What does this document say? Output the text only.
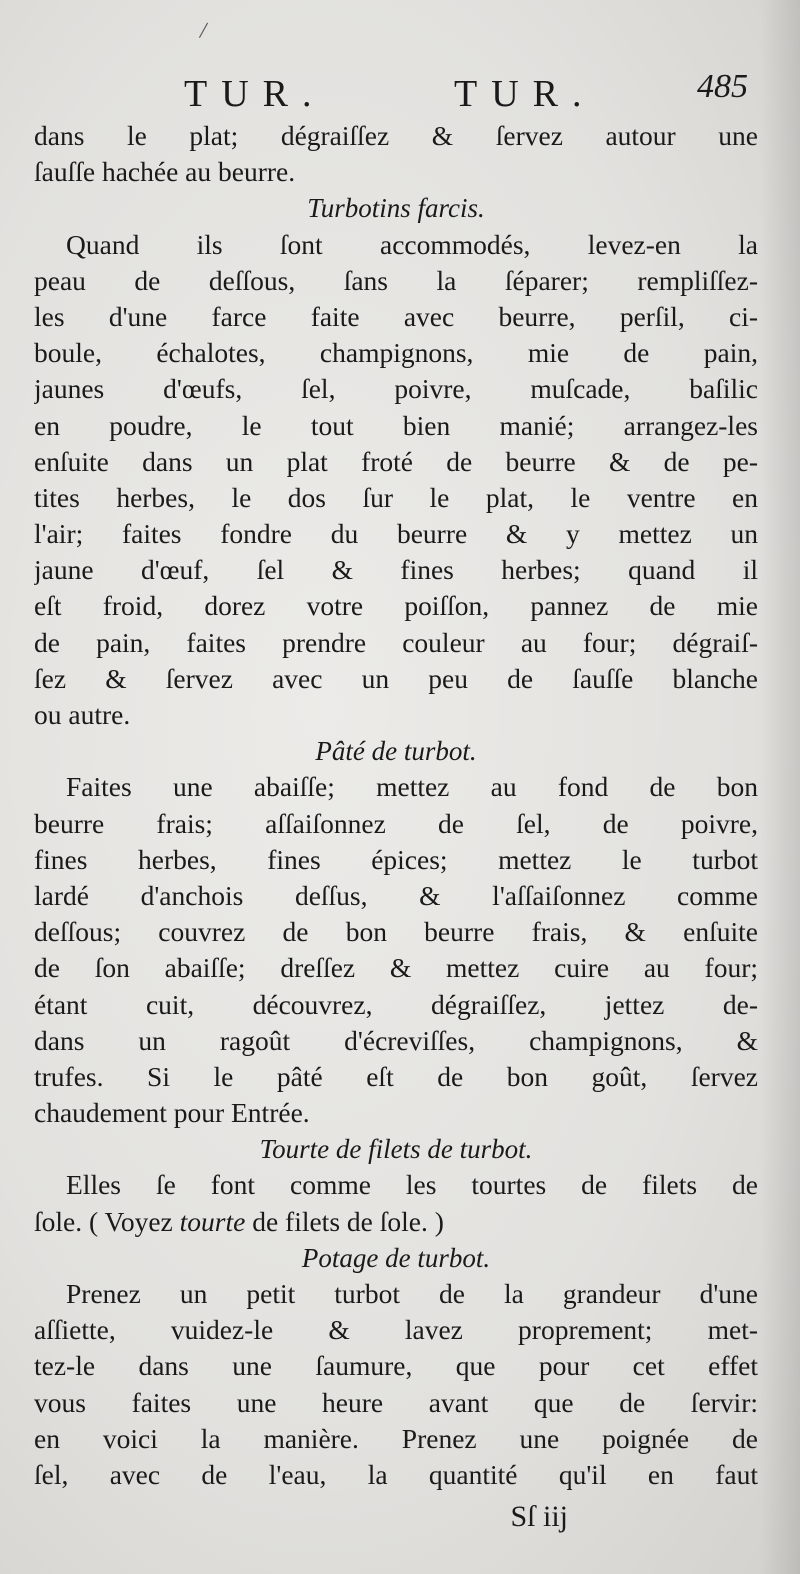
/
TUR.	TUR.	485
dans le plat; dégraiſſez & ſervez autour une
ſauſſe hachée au beurre.
Turbotins farcis.
Quand ils ſont accommodés, levez-en la
peau de deſſous, ſans la ſéparer; rempliſſez-
les d'une farce faite avec beurre, perſil, ci-
boule, échalotes, champignons, mie de pain,
jaunes d'œufs, ſel, poivre, muſcade, baſilic
en poudre, le tout bien manié; arrangez-les
enſuite dans un plat froté de beurre & de pe-
tites herbes, le dos ſur le plat, le ventre en
l'air; faites fondre du beurre & y mettez un
jaune d'œuf, ſel & fines herbes; quand il
eſt froid, dorez votre poiſſon, pannez de mie
de pain, faites prendre couleur au four; dégraiſ-
ſez & ſervez avec un peu de ſauſſe blanche
ou autre.
Pâté de turbot.
Faites une abaiſſe; mettez au fond de bon
beurre frais; aſſaiſonnez de ſel, de poivre,
fines herbes, fines épices; mettez le turbot
lardé d'anchois deſſus, & l'aſſaiſonnez comme
deſſous; couvrez de bon beurre frais, & enſuite
de ſon abaiſſe; dreſſez & mettez cuire au four;
étant cuit, découvrez, dégraiſſez, jettez de-
dans un ragoût d'écreviſſes, champignons, &
trufes. Si le pâté eſt de bon goût, ſervez
chaudement pour Entrée.
Tourte de filets de turbot.
Elles ſe font comme les tourtes de filets de
ſole. ( Voyez tourte de filets de ſole. )
Potage de turbot.
Prenez un petit turbot de la grandeur d'une
aſſiette, vuidez-le & lavez proprement; met-
tez-le dans une ſaumure, que pour cet effet
vous faites une heure avant que de ſervir:
en voici la manière. Prenez une poignée de
ſel, avec de l'eau, la quantité qu'il en faut
Sſ iij
